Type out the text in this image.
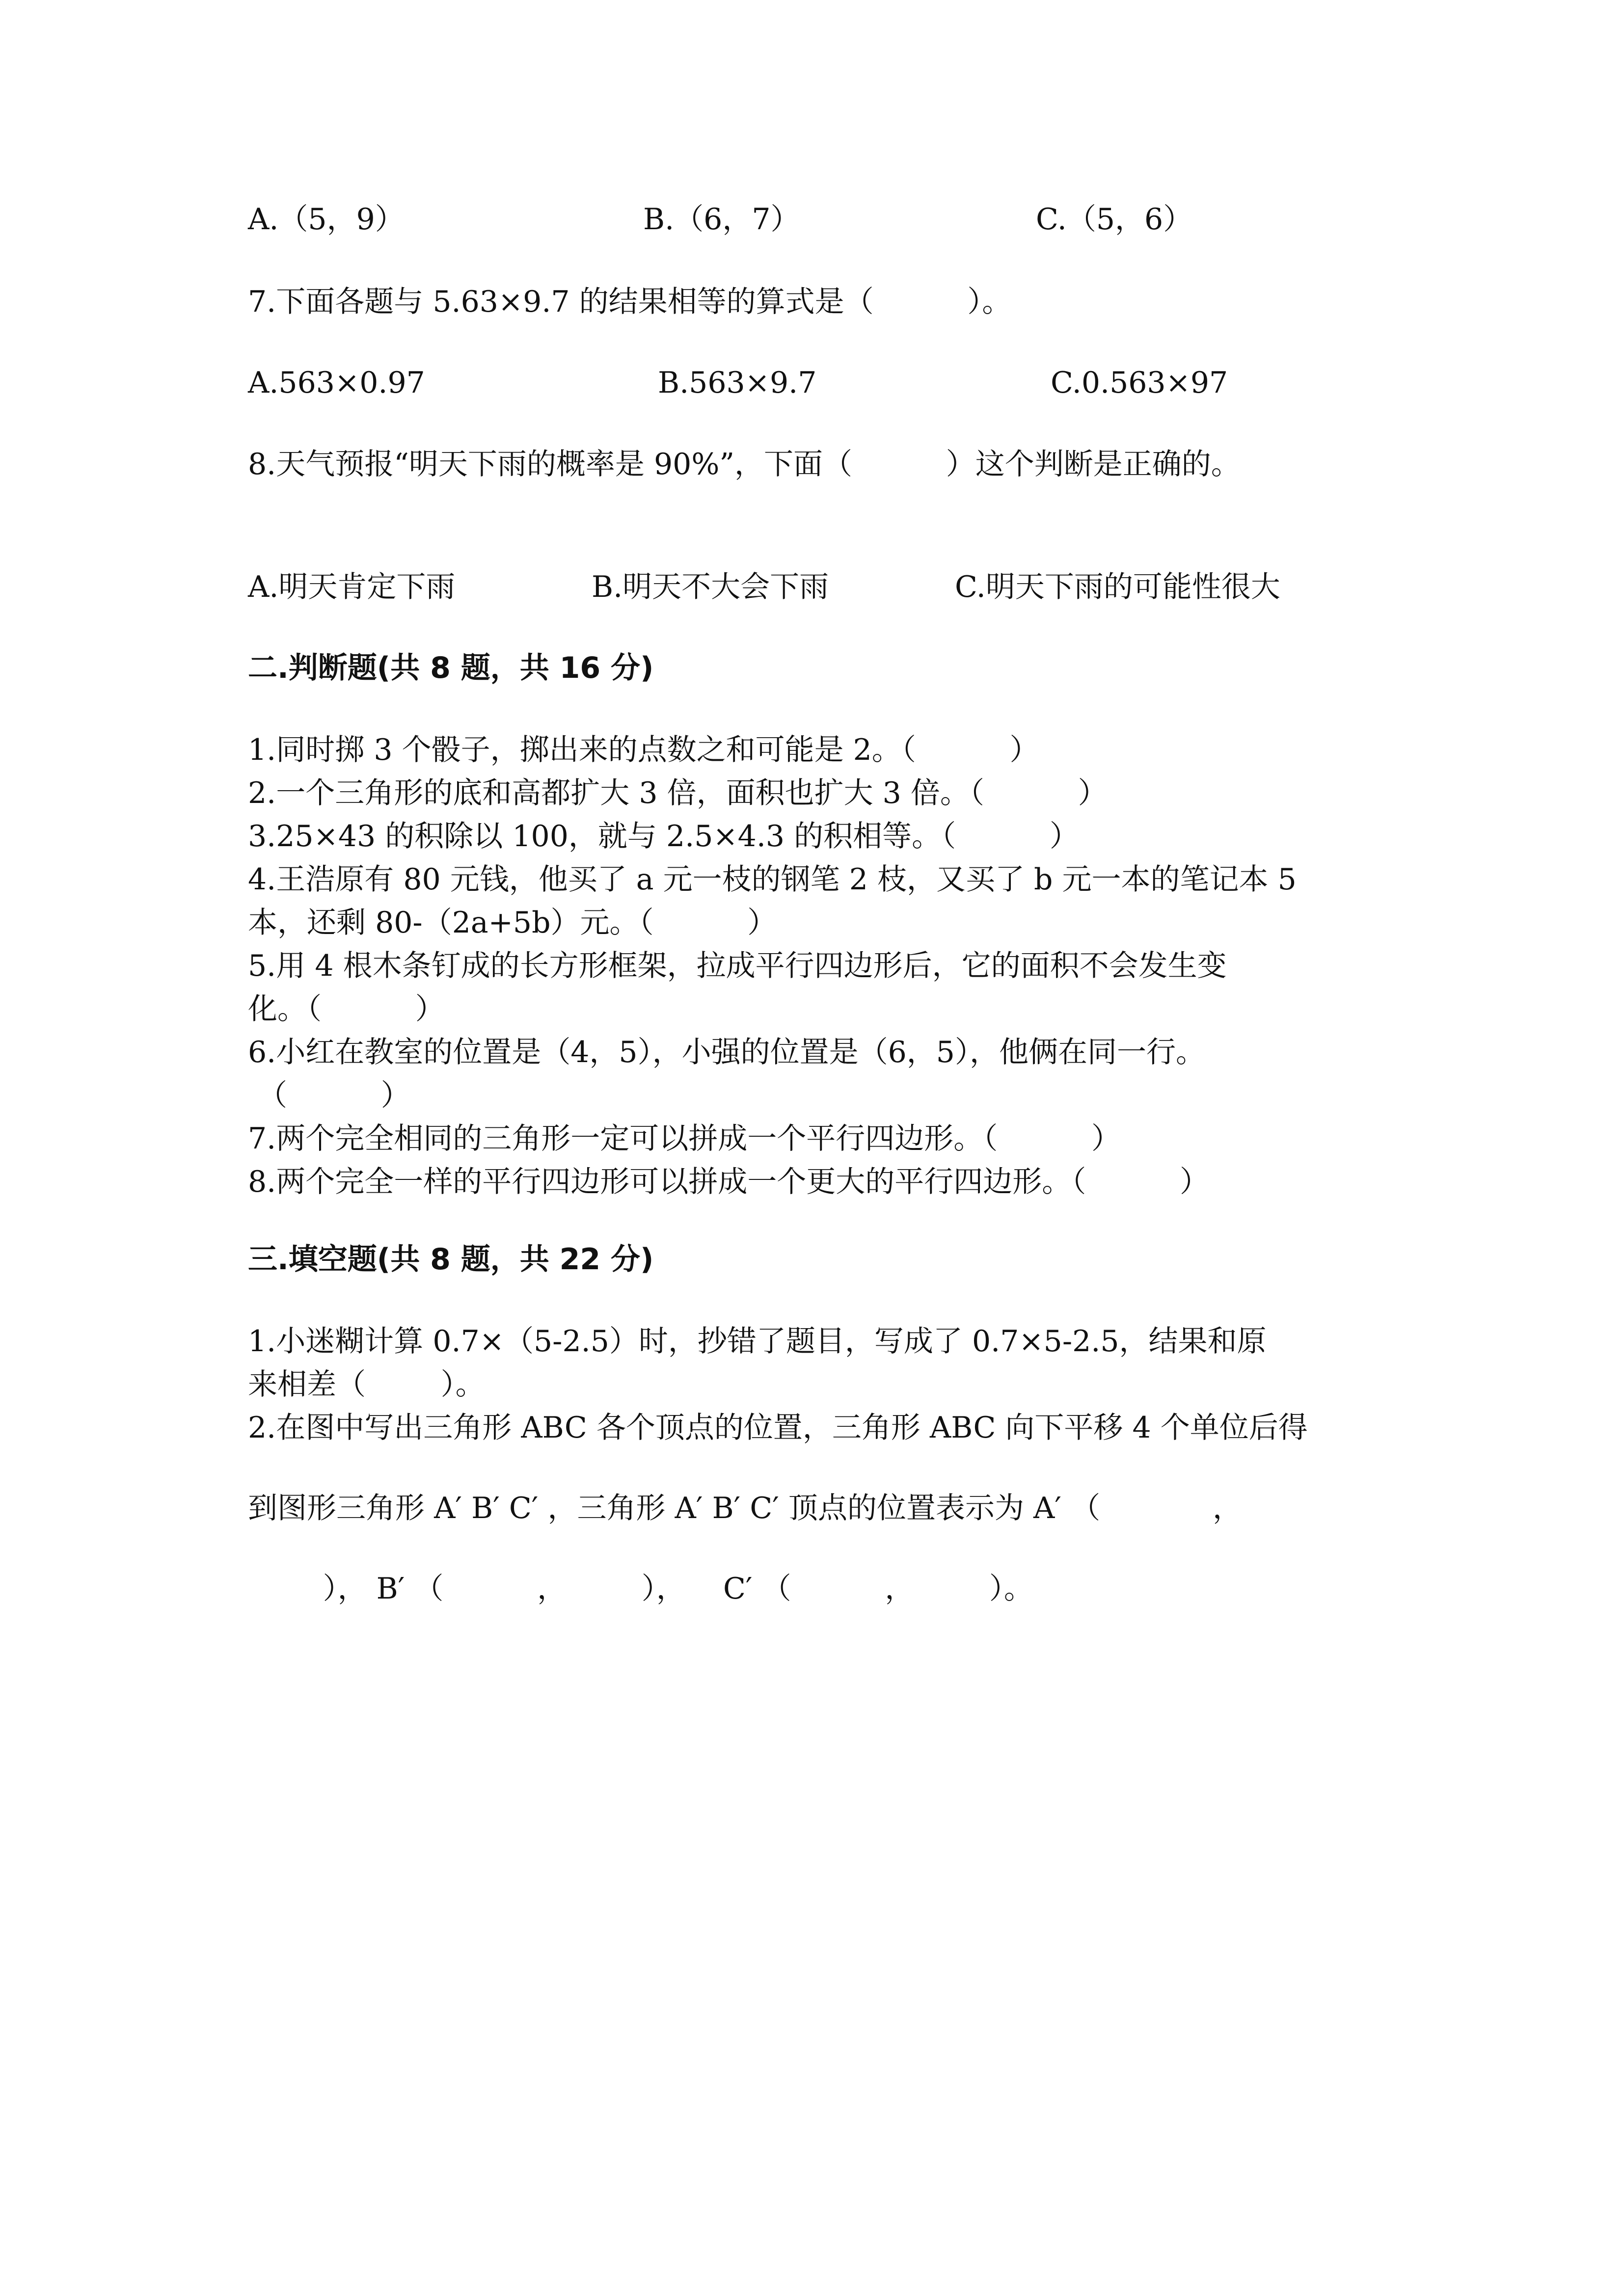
A.（5，9）	B.（6，7）	C.（5，6）
7.下面各题与 5.63×9.7 的结果相等的算式是（          ）。
A.563×0.97	B.563×9.7	C.0.563×97
8.天气预报“明天下雨的概率是 90%”，下面（          ）这个判断是正确的。
A.明天肯定下雨	B.明天不大会下雨	C.明天下雨的可能性很大
二.判断题(共 8 题，共 16 分)
1.同时掷 3 个骰子，掷出来的点数之和可能是 2。（          ）
2.一个三角形的底和高都扩大 3 倍，面积也扩大 3 倍。（          ）
3.25×43 的积除以 100，就与 2.5×4.3 的积相等。（          ）
4.王浩原有 80 元钱，他买了 a 元一枝的钢笔 2 枝，又买了 b 元一本的笔记本 5
本，还剩 80-（2a+5b）元。（          ）
5.用 4 根木条钉成的长方形框架，拉成平行四边形后，它的面积不会发生变
化。（          ）
6.小红在教室的位置是（4，5），小强的位置是（6，5），他俩在同一行。
（          ）
7.两个完全相同的三角形一定可以拼成一个平行四边形。（          ）
8.两个完全一样的平行四边形可以拼成一个更大的平行四边形。（          ）
三.填空题(共 8 题，共 22 分)
1.小迷糊计算 0.7×（5-2.5）时，抄错了题目，写成了 0.7×5-2.5，结果和原
来相差（        ）。
2.在图中写出三角形 ABC 各个顶点的位置，三角形 ABC 向下平移 4 个单位后得
到图形三角形 A′ B′ C′ ，三角形 A′ B′ C′ 顶点的位置表示为 A′ （            ，
）， B′ （          ，        ），    C′ （          ，        ）。
